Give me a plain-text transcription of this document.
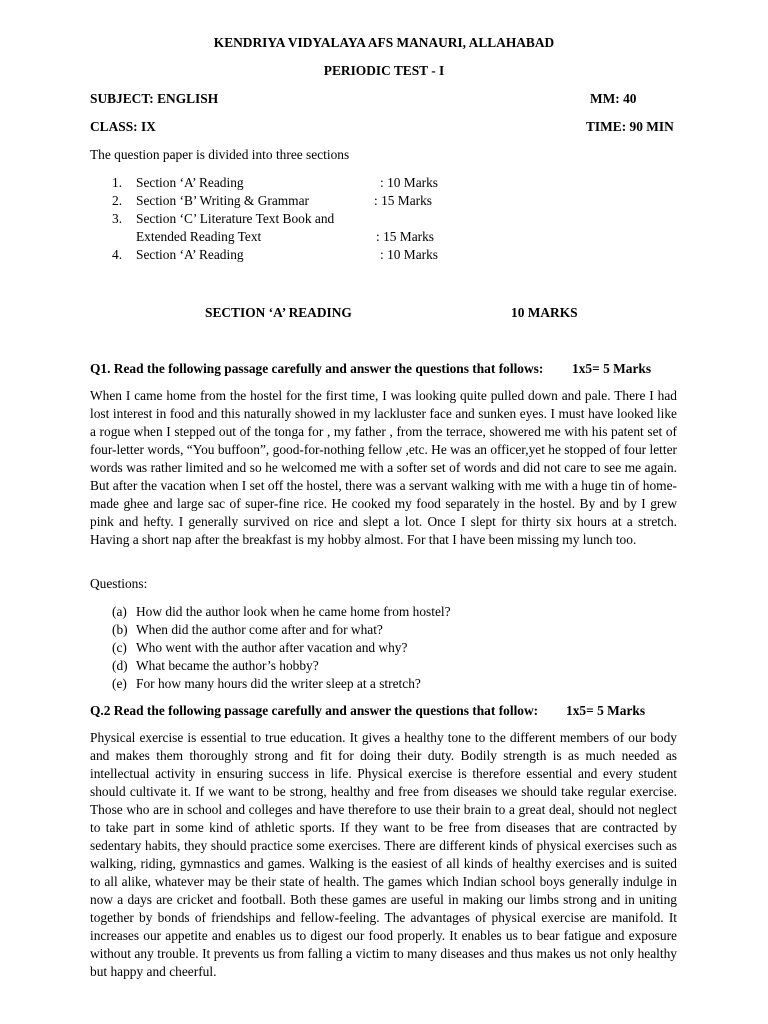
KENDRIYA VIDYALAYA AFS MANAURI, ALLAHABAD
PERIODIC TEST - I
SUBJECT: ENGLISH	MM: 40
CLASS: IX	TIME: 90 MIN
The question paper is divided into three sections
1. Section ‘A’ Reading	: 10 Marks
2. Section ‘B’ Writing & Grammar	: 15 Marks
3. Section ‘C’ Literature Text Book and
Extended Reading Text	: 15 Marks
4. Section ‘A’ Reading	: 10 Marks
SECTION ‘A’ READING	10 MARKS
Q1. Read the following passage carefully and answer the questions that follows: 1x5= 5 Marks
When I came home from the hostel for the first time, I was looking quite pulled down and pale. There I had lost interest in food and this naturally showed in my lackluster face and sunken eyes. I must have looked like a rogue when I stepped out of the tonga for , my father , from the terrace, showered me with his patent set of four-letter words, “You buffoon”, good-for-nothing fellow ,etc. He was an officer,yet he stopped of four letter words was rather limited and so he welcomed me with a softer set of words and did not care to see me again. But after the vacation when I set off the hostel, there was a servant walking with me with a huge tin of home-made ghee and large sac of super-fine rice. He cooked my food separately in the hostel. By and by I grew pink and hefty. I generally survived on rice and slept a lot. Once I slept for thirty six hours at a stretch. Having a short nap after the breakfast is my hobby almost. For that I have been missing my lunch too.
Questions:
(a) How did the author look when he came home from hostel?
(b) When did the author come after and for what?
(c) Who went with the author after vacation and why?
(d) What became the author’s hobby?
(e) For how many hours did the writer sleep at a stretch?
Q.2 Read the following passage carefully and answer the questions that follow: 1x5= 5 Marks
Physical exercise is essential to true education. It gives a healthy tone to the different members of our body and makes them thoroughly strong and fit for doing their duty. Bodily strength is as much needed as intellectual activity in ensuring success in life. Physical exercise is therefore essential and every student should cultivate it. If we want to be strong, healthy and free from diseases we should take regular exercise. Those who are in school and colleges and have therefore to use their brain to a great deal, should not neglect to take part in some kind of athletic sports. If they want to be free from diseases that are contracted by sedentary habits, they should practice some exercises. There are different kinds of physical exercises such as walking, riding, gymnastics and games. Walking is the easiest of all kinds of healthy exercises and is suited to all alike, whatever may be their state of health. The games which Indian school boys generally indulge in now a days are cricket and football. Both these games are useful in making our limbs strong and in uniting together by bonds of friendships and fellow-feeling. The advantages of physical exercise are manifold. It increases our appetite and enables us to digest our food properly. It enables us to bear fatigue and exposure without any trouble. It prevents us from falling a victim to many diseases and thus makes us not only healthy but happy and cheerful.
